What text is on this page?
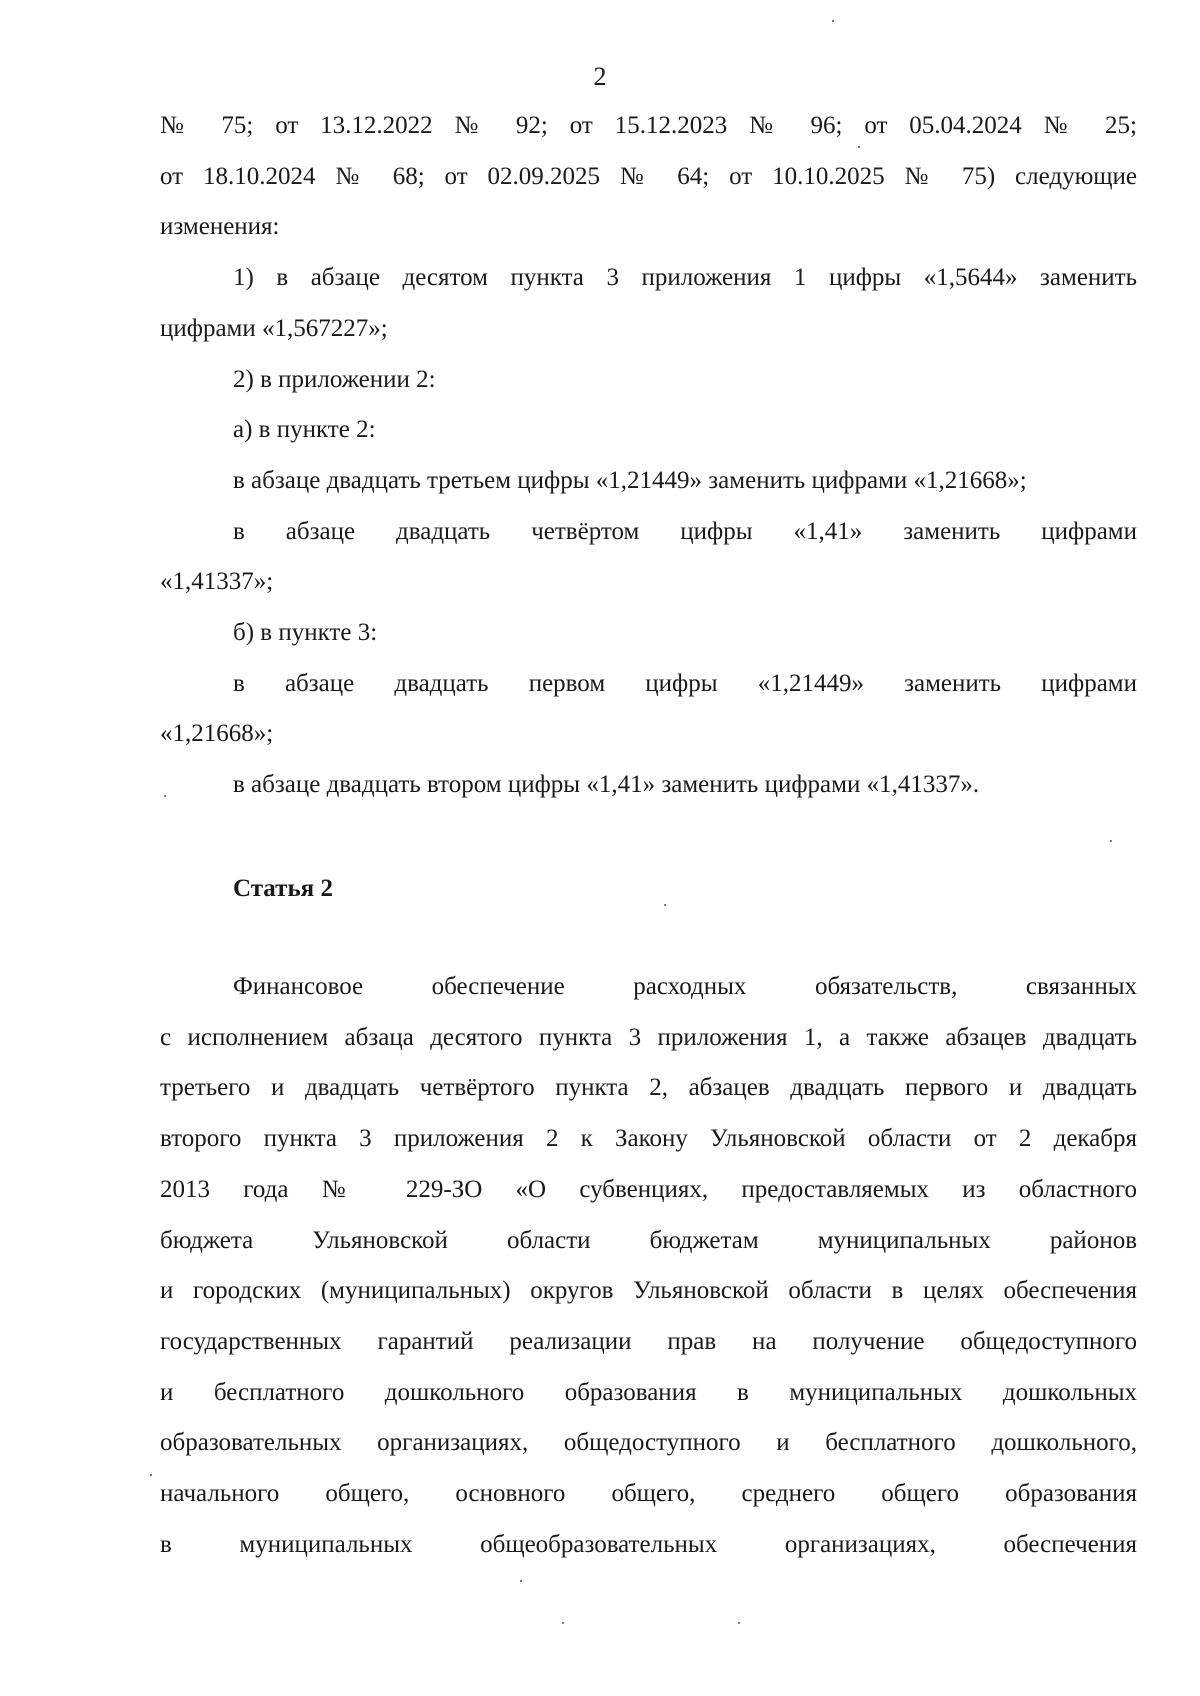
2

№ 75; от 13.12.2022 № 92; от 15.12.2023 № 96; от 05.04.2024 № 25;

от 18.10.2024 № 68; от 02.09.2025 № 64; от 10.10.2025 № 75) следующие

изменения:

1) в абзаце десятом пункта 3 приложения 1 цифры «1,5644» заменить

цифрами «1,567227»;

2) в приложении 2:

а) в пункте 2:

в абзаце двадцать третьем цифры «1,21449» заменить цифрами «1,21668»;

в абзаце двадцать четвёртом цифры «1,41» заменить цифрами

«1,41337»;

б) в пункте 3:

в абзаце двадцать первом цифры «1,21449» заменить цифрами

«1,21668»;

в абзаце двадцать втором цифры «1,41» заменить цифрами «1,41337».

Статья 2

Финансовое обеспечение расходных обязательств, связанных

с исполнением абзаца десятого пункта 3 приложения 1, а также абзацев двадцать

третьего и двадцать четвёртого пункта 2, абзацев двадцать первого и двадцать

второго пункта 3 приложения 2 к Закону Ульяновской области от 2 декабря

2013 года № 229-ЗО «О субвенциях, предоставляемых из областного

бюджета Ульяновской области бюджетам муниципальных районов

и городских (муниципальных) округов Ульяновской области в целях обеспечения

государственных гарантий реализации прав на получение общедоступного

и бесплатного дошкольного образования в муниципальных дошкольных

образовательных организациях, общедоступного и бесплатного дошкольного,

начального общего, основного общего, среднего общего образования

в муниципальных общеобразовательных организациях, обеспечения
